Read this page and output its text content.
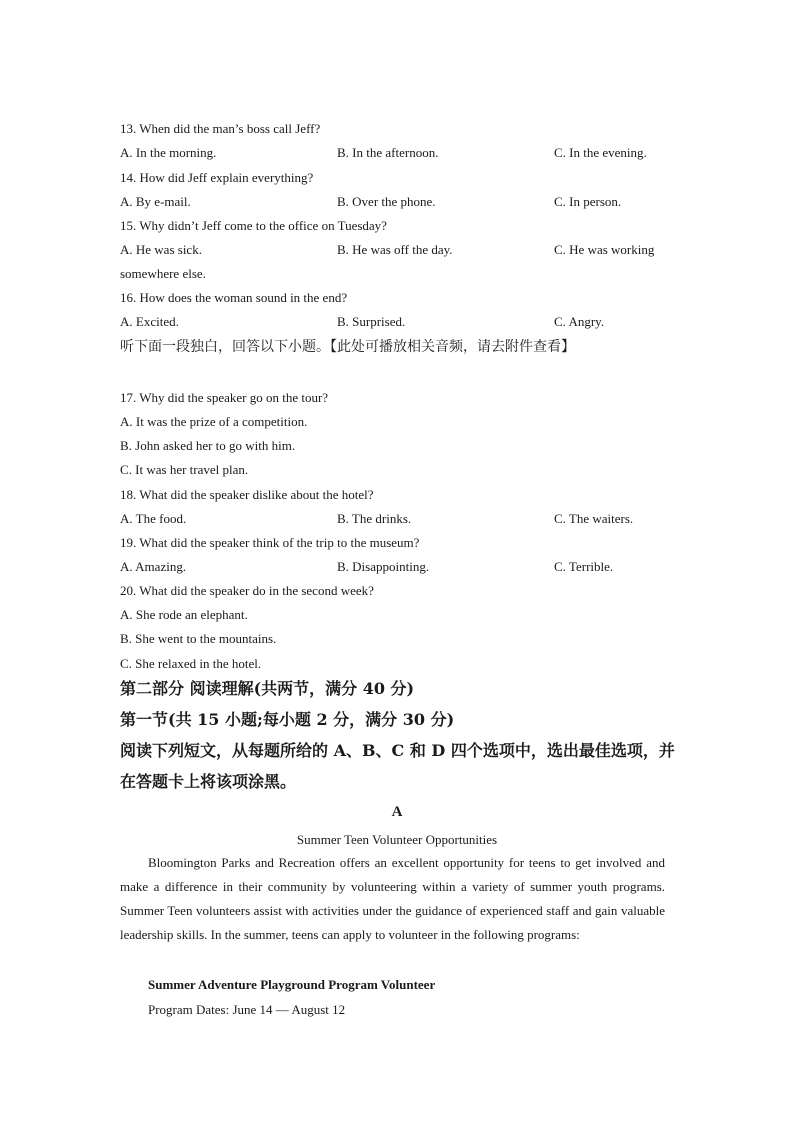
13. When did the man’s boss call Jeff?
A. In the morning.	B. In the afternoon.	C. In the evening.
14. How did Jeff explain everything?
A. By e-mail.	B. Over the phone.	C. In person.
15. Why didn’t Jeff come to the office on Tuesday?
A. He was sick.	B. He was off the day.	C. He was working
somewhere else.
16. How does the woman sound in the end?
A. Excited.	B. Surprised.	C. Angry.
听下面一段独白，回答以下小题。【此处可播放相关音频，请去附件查看】
17. Why did the speaker go on the tour?
A. It was the prize of a competition.
B. John asked her to go with him.
C. It was her travel plan.
18. What did the speaker dislike about the hotel?
A. The food.	B. The drinks.	C. The waiters.
19. What did the speaker think of the trip to the museum?
A. Amazing.	B. Disappointing.	C. Terrible.
20. What did the speaker do in the second week?
A. She rode an elephant.
B. She went to the mountains.
C. She relaxed in the hotel.
第二部分 阅读理解(共两节，满分 40 分)
第一节(共 15 小题;每小题 2 分，满分 30 分)
阅读下列短文，从每题所给的 A、B、C 和 D 四个选项中，选出最佳选项，并
在答题卡上将该项涂黑。
A
Summer Teen Volunteer Opportunities

Bloomington Parks and Recreation offers an excellent opportunity for teens to get involved and make a difference in their community by volunteering within a variety of summer youth programs. Summer Teen volunteers assist with activities under the guidance of experienced staff and gain valuable leadership skills. In the summer, teens can apply to volunteer in the following programs:

Summer Adventure Playground Program Volunteer
Program Dates: June 14 — August 12
